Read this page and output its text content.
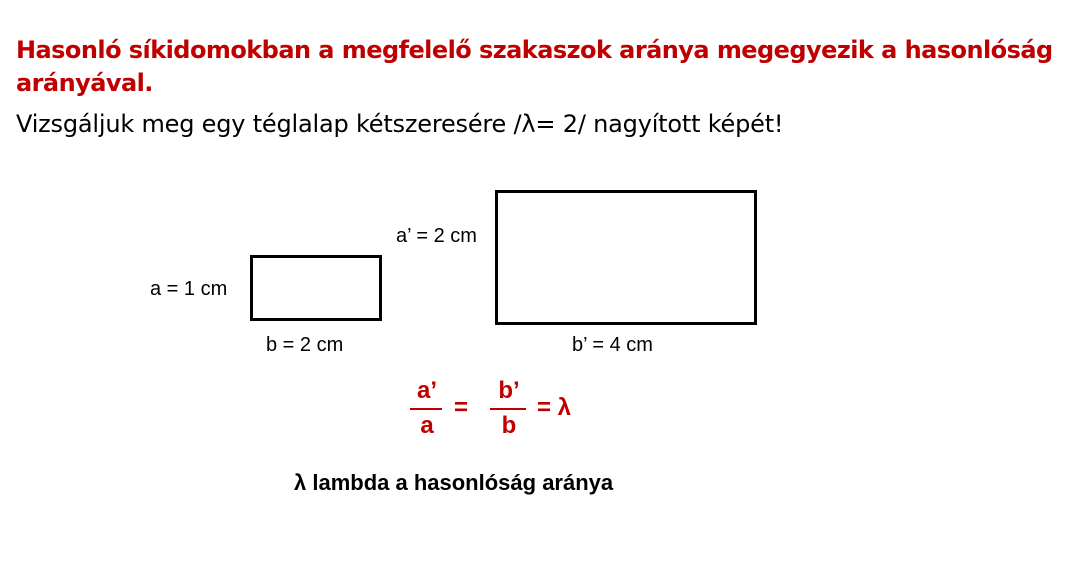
Hasonló síkidomokban a megfelelő szakaszok aránya megegyezik a hasonlóság arányával.

Vizsgáljuk meg egy téglalap kétszeresére /λ= 2/ nagyított képét!

a = 1 cm
b = 2 cm
a’ = 2 cm
b’ = 4 cm
a’
a
=
b’
b
= λ
λ lambda a hasonlóság aránya
